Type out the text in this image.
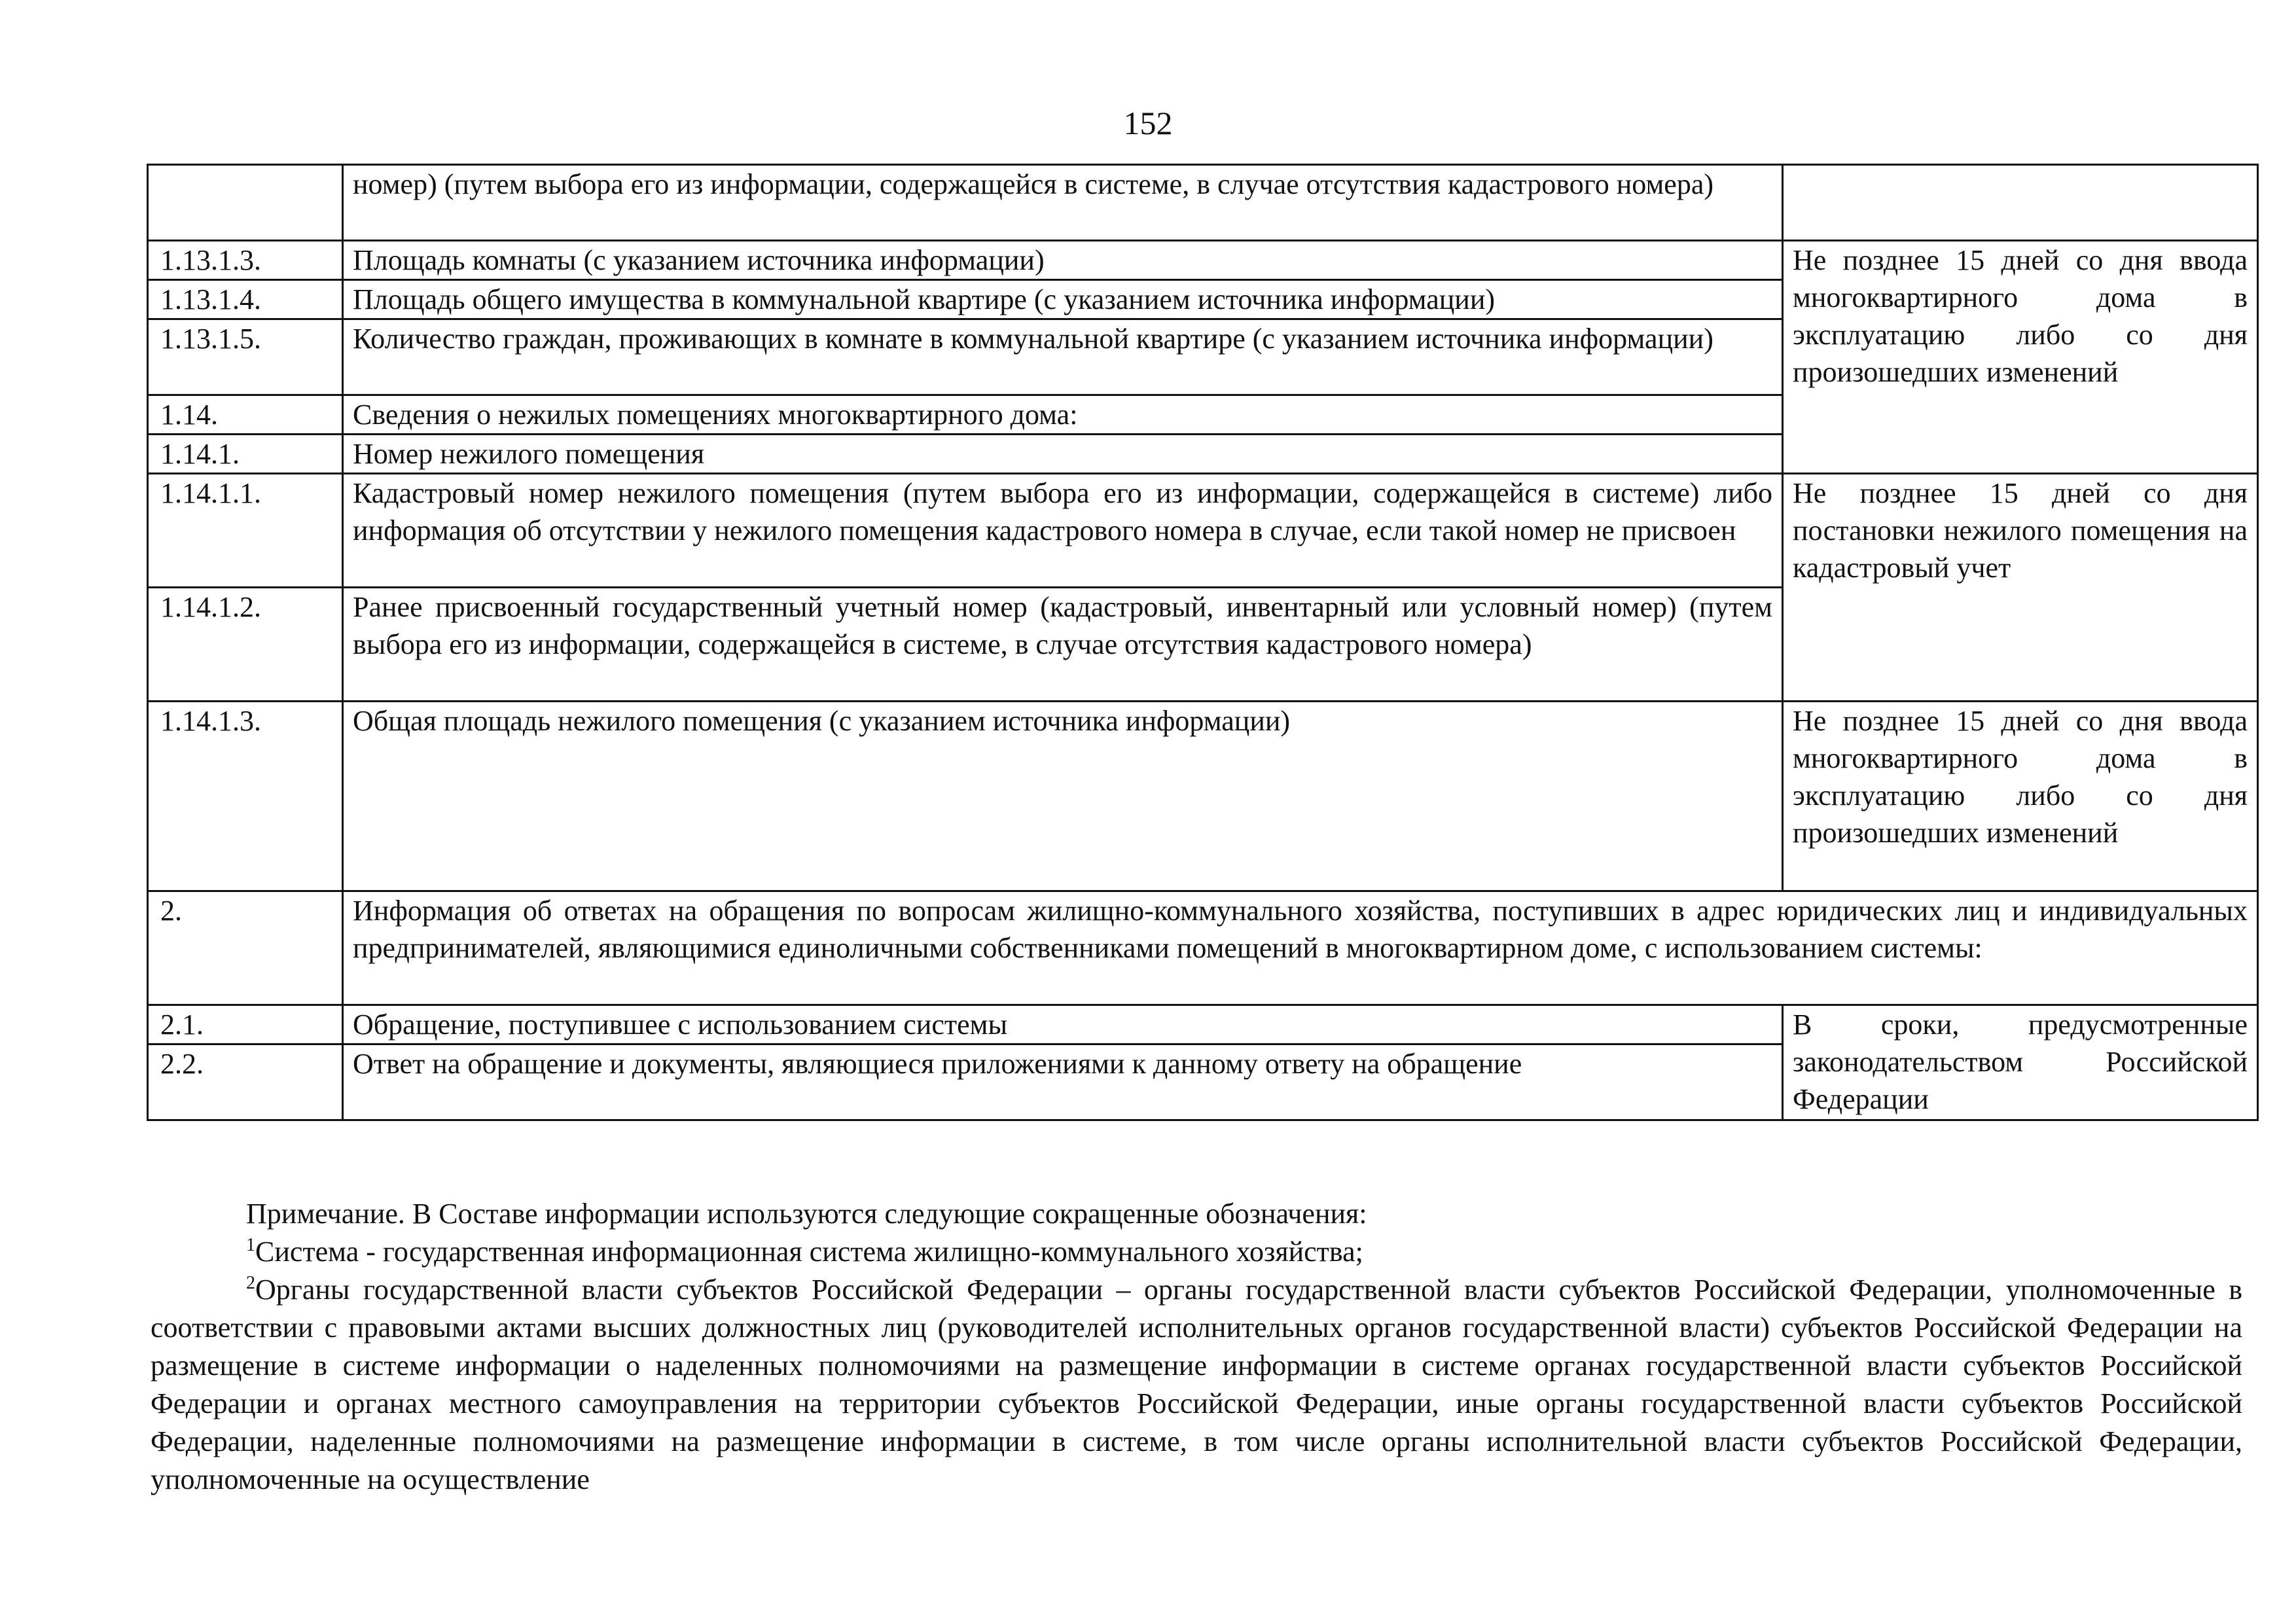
152
	номер) (путем выбора его из информации, содержащейся в системе, в случае отсутствия кадастрового номера)	
1.13.1.3.	Площадь комнаты (с указанием источника информации)	Не позднее 15 дней со дня ввода многоквартирного дома в эксплуатацию либо со дня произошедших изменений
1.13.1.4.	Площадь общего имущества в коммунальной квартире (с указанием источника информации)	
1.13.1.5.	Количество граждан, проживающих в комнате в коммунальной квартире (с указанием источника информации)	
1.14.	Сведения о нежилых помещениях многоквартирного дома:	
1.14.1.	Номер нежилого помещения	
1.14.1.1.	Кадастровый номер нежилого помещения (путем выбора его из информации, содержащейся в системе) либо информация об отсутствии у нежилого помещения кадастрового номера в случае, если такой номер не присвоен	Не позднее 15 дней со дня постановки нежилого помещения на кадастровый учет
1.14.1.2.	Ранее присвоенный государственный учетный номер (кадастровый, инвентарный или условный номер) (путем выбора его из информации, содержащейся в системе, в случае отсутствия кадастрового номера)	
1.14.1.3.	Общая площадь нежилого помещения (с указанием источника информации)	Не позднее 15 дней со дня ввода многоквартирного дома в эксплуатацию либо со дня произошедших изменений
2.	Информация об ответах на обращения по вопросам жилищно-коммунального хозяйства, поступивших в адрес юридических лиц и индивидуальных предпринимателей, являющимися единоличными собственниками помещений в многоквартирном доме, с использованием системы:	
2.1.	Обращение, поступившее с использованием системы	В сроки, предусмотренные законодательством Российской Федерации
2.2.	Ответ на обращение и документы, являющиеся приложениями к данному ответу на обращение	

Примечание. В Составе информации используются следующие сокращенные обозначения:

$^1$Система - государственная информационная система жилищно-коммунального хозяйства;

$^2$Органы государственной власти субъектов Российской Федерации – органы государственной власти субъектов Российской Федерации, уполномоченные в соответствии с правовыми актами высших должностных лиц (руководителей исполнительных органов государственной власти) субъектов Российской Федерации на размещение в системе информации о наделенных полномочиями на размещение информации в системе органах государственной власти субъектов Российской Федерации и органах местного самоуправления на территории субъектов Российской Федерации, иные органы государственной власти субъектов Российской Федерации, наделенные полномочиями на размещение информации в системе, в том числе органы исполнительной власти субъектов Российской Федерации, уполномоченные на осуществление
